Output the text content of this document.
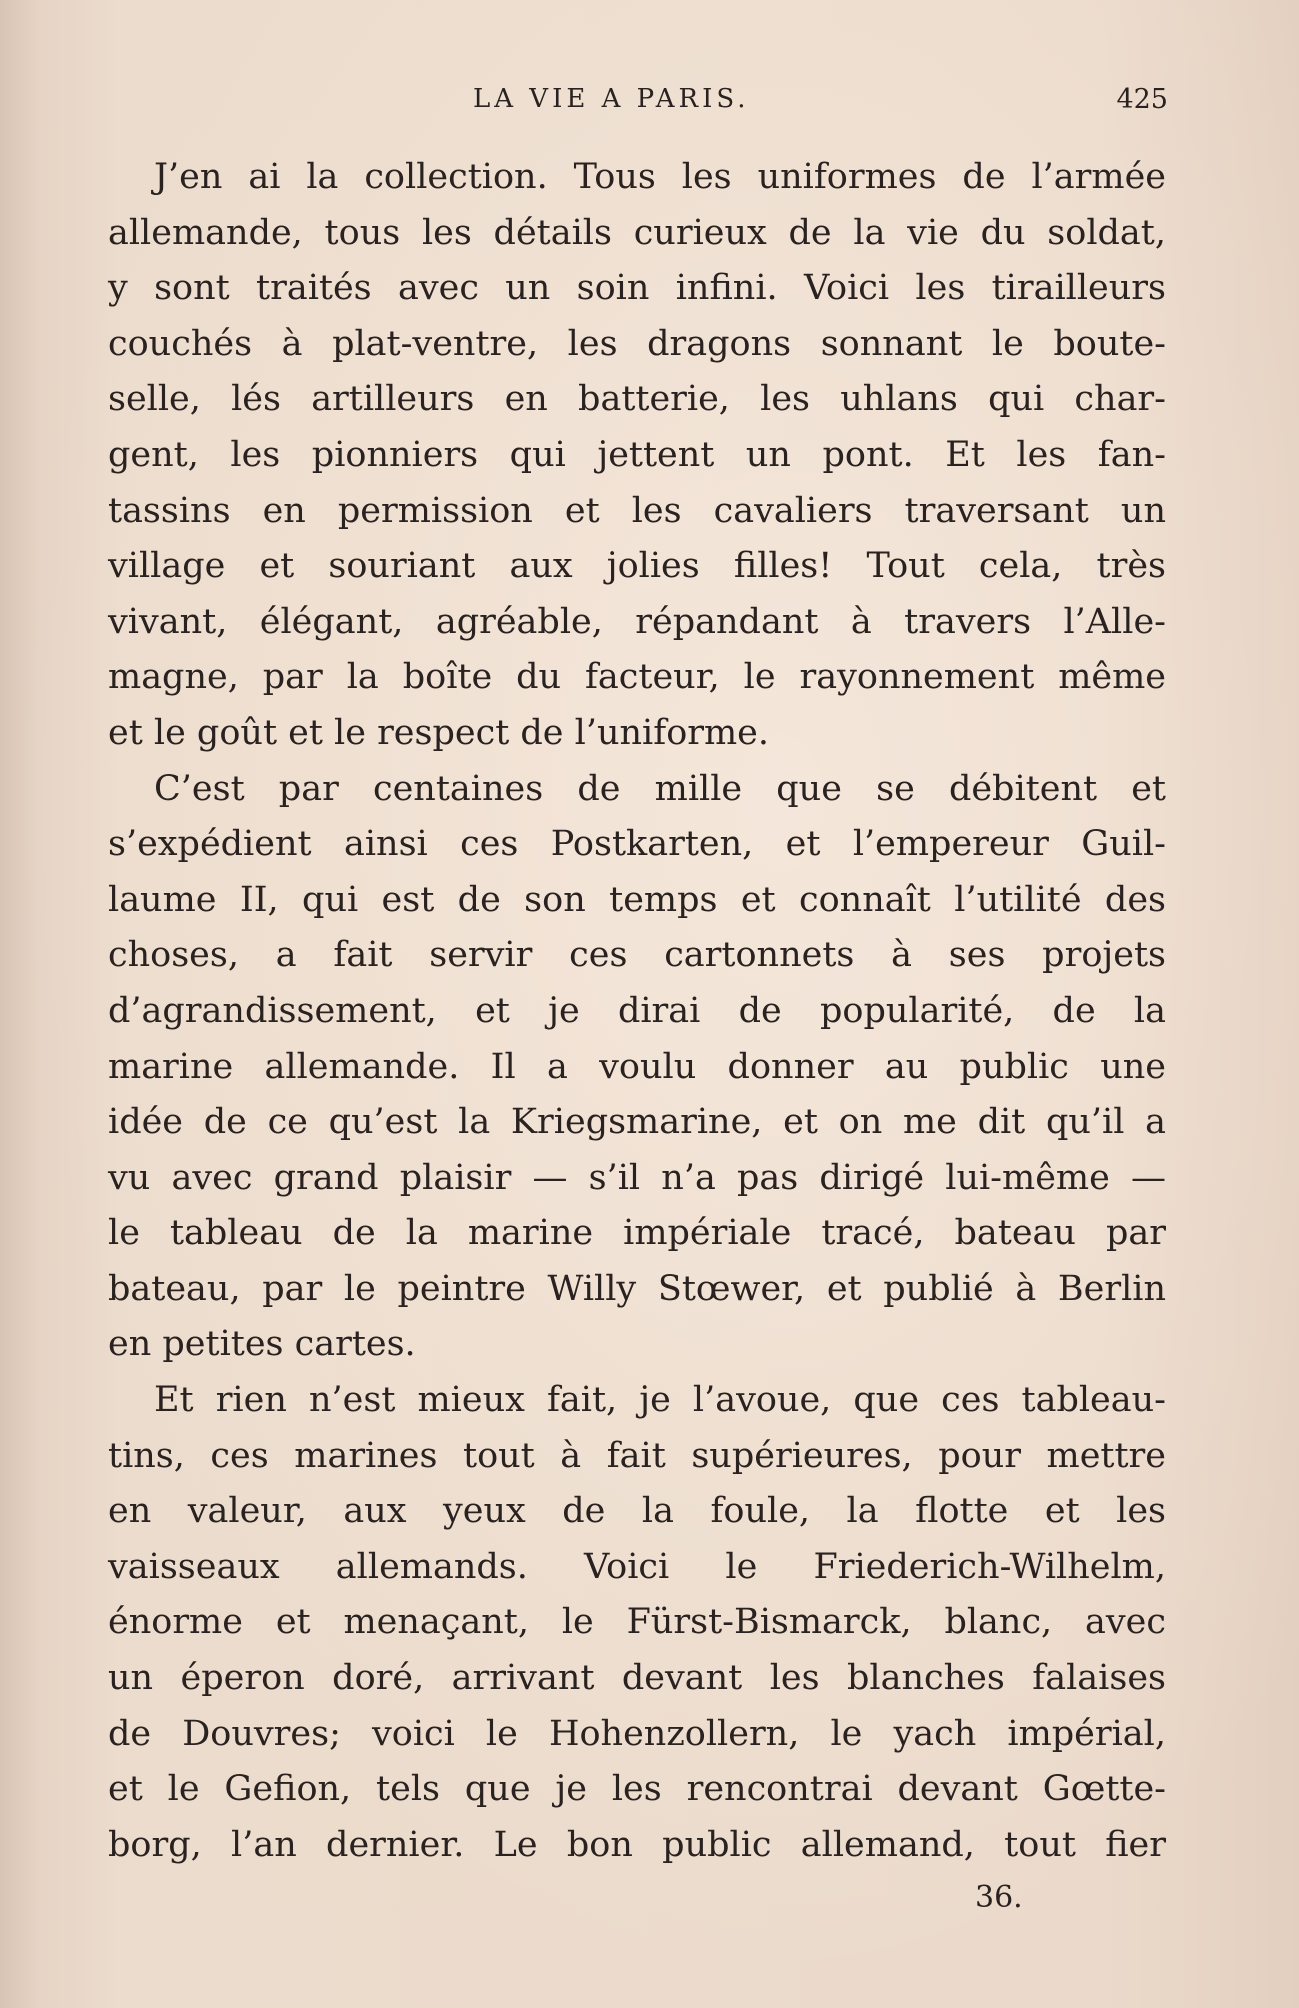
LA VIE A PARIS.	425
J’en ai la collection. Tous les uniformes de l’armée
allemande, tous les détails curieux de la vie du soldat,
y sont traités avec un soin infini. Voici les tirailleurs
couchés à plat-ventre, les dragons sonnant le boute-
selle, lés artilleurs en batterie, les uhlans qui char-
gent, les pionniers qui jettent un pont. Et les fan-
tassins en permission et les cavaliers traversant un
village et souriant aux jolies filles! Tout cela, très
vivant, élégant, agréable, répandant à travers l’Alle-
magne, par la boîte du facteur, le rayonnement même
et le goût et le respect de l’uniforme.
C’est par centaines de mille que se débitent et
s’expédient ainsi ces Postkarten, et l’empereur Guil-
laume II, qui est de son temps et connaît l’utilité des
choses, a fait servir ces cartonnets à ses projets
d’agrandissement, et je dirai de popularité, de la
marine allemande. Il a voulu donner au public une
idée de ce qu’est la Kriegsmarine, et on me dit qu’il a
vu avec grand plaisir — s’il n’a pas dirigé lui-même —
le tableau de la marine impériale tracé, bateau par
bateau, par le peintre Willy Stœwer, et publié à Berlin
en petites cartes.
Et rien n’est mieux fait, je l’avoue, que ces tableau-
tins, ces marines tout à fait supérieures, pour mettre
en valeur, aux yeux de la foule, la flotte et les
vaisseaux allemands. Voici le Friederich-Wilhelm,
énorme et menaçant, le Fürst-Bismarck, blanc, avec
un éperon doré, arrivant devant les blanches falaises
de Douvres; voici le Hohenzollern, le yach impérial,
et le Gefion, tels que je les rencontrai devant Gœtte-
borg, l’an dernier. Le bon public allemand, tout fier
36.
